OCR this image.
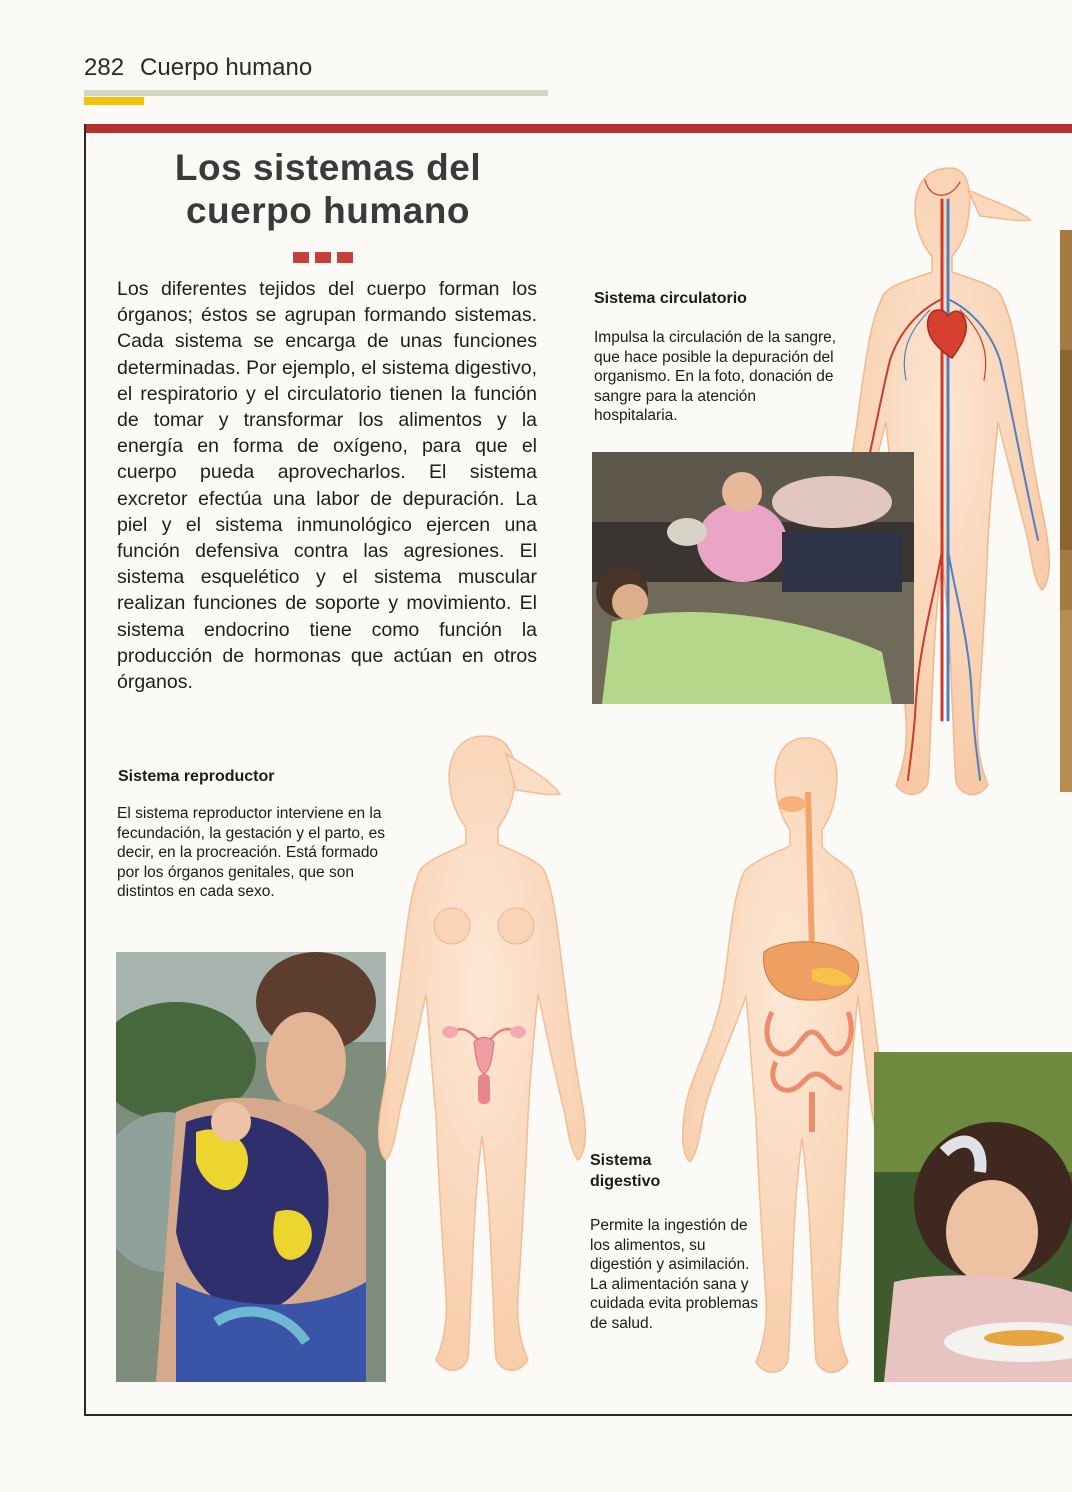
282 Cuerpo humano
Los sistemas del
cuerpo humano
Los diferentes tejidos del cuerpo forman los órganos; éstos se agrupan formando sistemas. Cada sistema se encarga de unas funciones determinadas. Por ejemplo, el sistema digestivo, el respiratorio y el circulatorio tienen la función de tomar y transformar los alimentos y la energía en forma de oxígeno, para que el cuerpo pueda aprovecharlos. El sistema excretor efectúa una labor de depuración. La piel y el sistema inmunológico ejercen una función defensiva contra las agresiones. El sistema esquelético y el sistema muscular realizan funciones de soporte y movimiento. El sistema endocrino tiene como función la producción de hormonas que actúan en otros órganos.
Sistema circulatorio
Impulsa la circulación de la sangre, que hace posible la depuración del organismo. En la foto, donación de sangre para la atención hospitalaria.
Sistema reproductor
El sistema reproductor interviene en la fecundación, la gestación y el parto, es decir, en la procreación. Está formado por los órganos genitales, que son distintos en cada sexo.
Sistema
digestivo
Permite la ingestión de los alimentos, su digestión y asimilación. La alimentación sana y cuidada evita problemas de salud.
